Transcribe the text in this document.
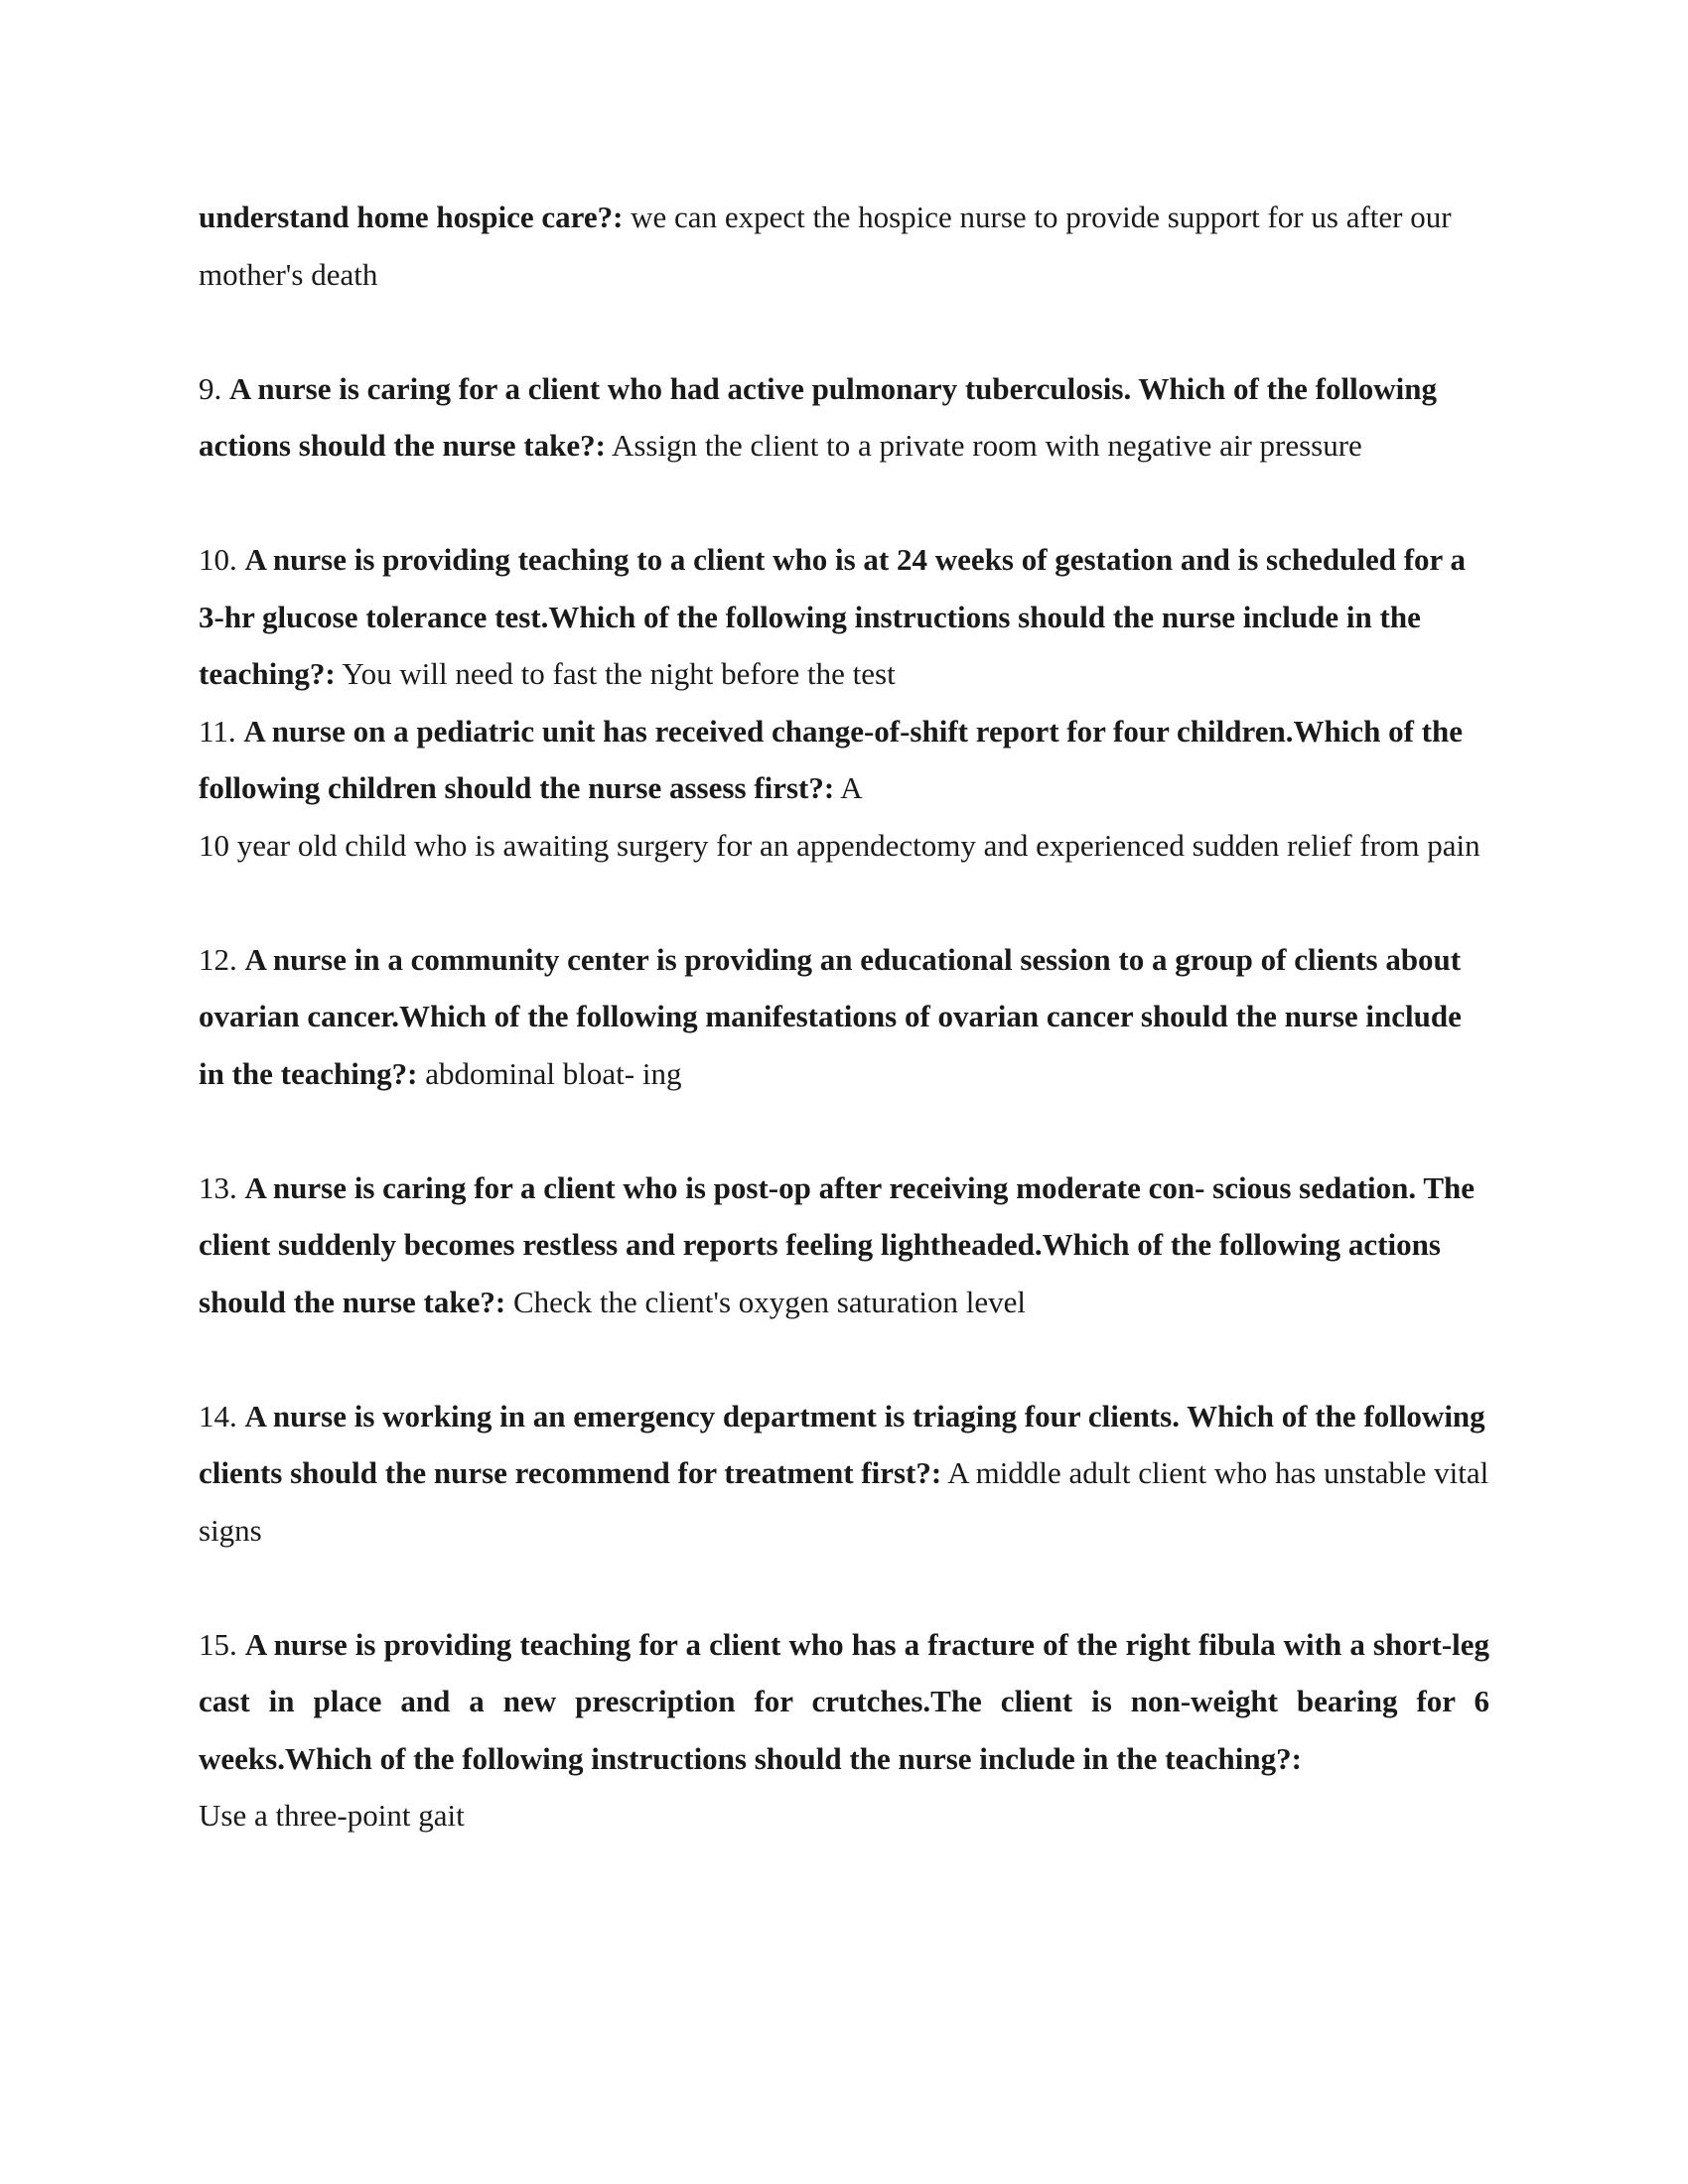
understand home hospice care?: we can expect the hospice nurse to provide support for us after our mother's death

9. A nurse is caring for a client who had active pulmonary tuberculosis. Which of the following actions should the nurse take?: Assign the client to a private room with negative air pressure

10. A nurse is providing teaching to a client who is at 24 weeks of gestation and is scheduled for a 3-hr glucose tolerance test.Which of the following instructions should the nurse include in the teaching?: You will need to fast the night before the test

11. A nurse on a pediatric unit has received change-of-shift report for four children.Which of the following children should the nurse assess first?: A
10 year old child who is awaiting surgery for an appendectomy and experienced sudden relief from pain

12. A nurse in a community center is providing an educational session to a group of clients about ovarian cancer.Which of the following manifestations of ovarian cancer should the nurse include in the teaching?: abdominal bloat- ing

13. A nurse is caring for a client who is post-op after receiving moderate con- scious sedation. The client suddenly becomes restless and reports feeling lightheaded.Which of the following actions should the nurse take?: Check the client's oxygen saturation level

14. A nurse is working in an emergency department is triaging four clients. Which of the following clients should the nurse recommend for treatment first?: A middle adult client who has unstable vital signs

15. A nurse is providing teaching for a client who has a fracture of the right fibula with a short-leg cast in place and a new prescription for crutches.The client is non-weight bearing for 6 weeks.Which of the following instructions should the nurse include in the teaching?:
Use a three-point gait
